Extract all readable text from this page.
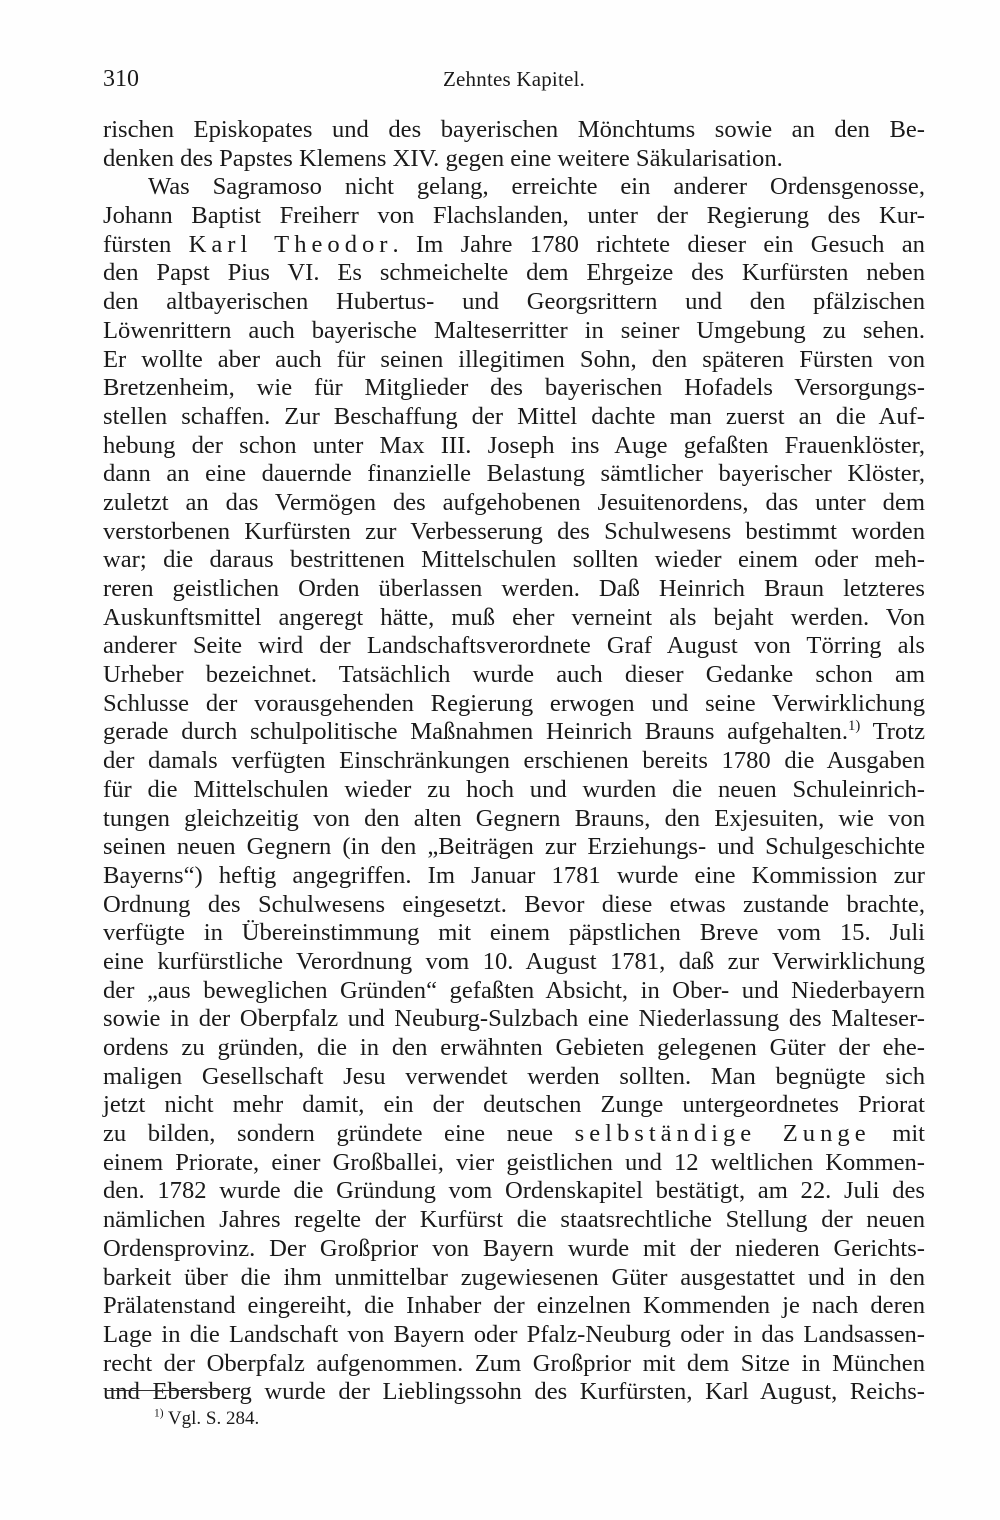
310	Zehntes Kapitel.
rischen Episkopates und des bayerischen Mönchtums sowie an den Be-
denken des Papstes Klemens XIV. gegen eine weitere Säkularisation.
Was Sagramoso nicht gelang, erreichte ein anderer Ordensgenosse,
Johann Baptist Freiherr von Flachslanden, unter der Regierung des Kur-
fürsten Karl Theodor. Im Jahre 1780 richtete dieser ein Gesuch an
den Papst Pius VI. Es schmeichelte dem Ehrgeize des Kurfürsten neben
den altbayerischen Hubertus- und Georgsrittern und den pfälzischen
Löwenrittern auch bayerische Malteserritter in seiner Umgebung zu sehen.
Er wollte aber auch für seinen illegitimen Sohn, den späteren Fürsten von
Bretzenheim, wie für Mitglieder des bayerischen Hofadels Versorgungs-
stellen schaffen. Zur Beschaffung der Mittel dachte man zuerst an die Auf-
hebung der schon unter Max III. Joseph ins Auge gefaßten Frauenklöster,
dann an eine dauernde finanzielle Belastung sämtlicher bayerischer Klöster,
zuletzt an das Vermögen des aufgehobenen Jesuitenordens, das unter dem
verstorbenen Kurfürsten zur Verbesserung des Schulwesens bestimmt worden
war; die daraus bestrittenen Mittelschulen sollten wieder einem oder meh-
reren geistlichen Orden überlassen werden. Daß Heinrich Braun letzteres
Auskunftsmittel angeregt hätte, muß eher verneint als bejaht werden. Von
anderer Seite wird der Landschaftsverordnete Graf August von Törring als
Urheber bezeichnet. Tatsächlich wurde auch dieser Gedanke schon am
Schlusse der vorausgehenden Regierung erwogen und seine Verwirklichung
gerade durch schulpolitische Maßnahmen Heinrich Brauns aufgehalten.$^{1)}$ Trotz
der damals verfügten Einschränkungen erschienen bereits 1780 die Ausgaben
für die Mittelschulen wieder zu hoch und wurden die neuen Schuleinrich-
tungen gleichzeitig von den alten Gegnern Brauns, den Exjesuiten, wie von
seinen neuen Gegnern (in den „Beiträgen zur Erziehungs- und Schulgeschichte
Bayerns“) heftig angegriffen. Im Januar 1781 wurde eine Kommission zur
Ordnung des Schulwesens eingesetzt. Bevor diese etwas zustande brachte,
verfügte in Übereinstimmung mit einem päpstlichen Breve vom 15. Juli
eine kurfürstliche Verordnung vom 10. August 1781, daß zur Verwirklichung
der „aus beweglichen Gründen“ gefaßten Absicht, in Ober- und Niederbayern
sowie in der Oberpfalz und Neuburg-Sulzbach eine Niederlassung des Malteser-
ordens zu gründen, die in den erwähnten Gebieten gelegenen Güter der ehe-
maligen Gesellschaft Jesu verwendet werden sollten. Man begnügte sich
jetzt nicht mehr damit, ein der deutschen Zunge untergeordnetes Priorat
zu bilden, sondern gründete eine neue selbständige Zunge mit
einem Priorate, einer Großballei, vier geistlichen und 12 weltlichen Kommen-
den. 1782 wurde die Gründung vom Ordenskapitel bestätigt, am 22. Juli des
nämlichen Jahres regelte der Kurfürst die staatsrechtliche Stellung der neuen
Ordensprovinz. Der Großprior von Bayern wurde mit der niederen Gerichts-
barkeit über die ihm unmittelbar zugewiesenen Güter ausgestattet und in den
Prälatenstand eingereiht, die Inhaber der einzelnen Kommenden je nach deren
Lage in die Landschaft von Bayern oder Pfalz-Neuburg oder in das Landsassen-
recht der Oberpfalz aufgenommen. Zum Großprior mit dem Sitze in München
und Ebersberg wurde der Lieblingssohn des Kurfürsten, Karl August, Reichs-
$^{1)}$ Vgl. S. 284.
